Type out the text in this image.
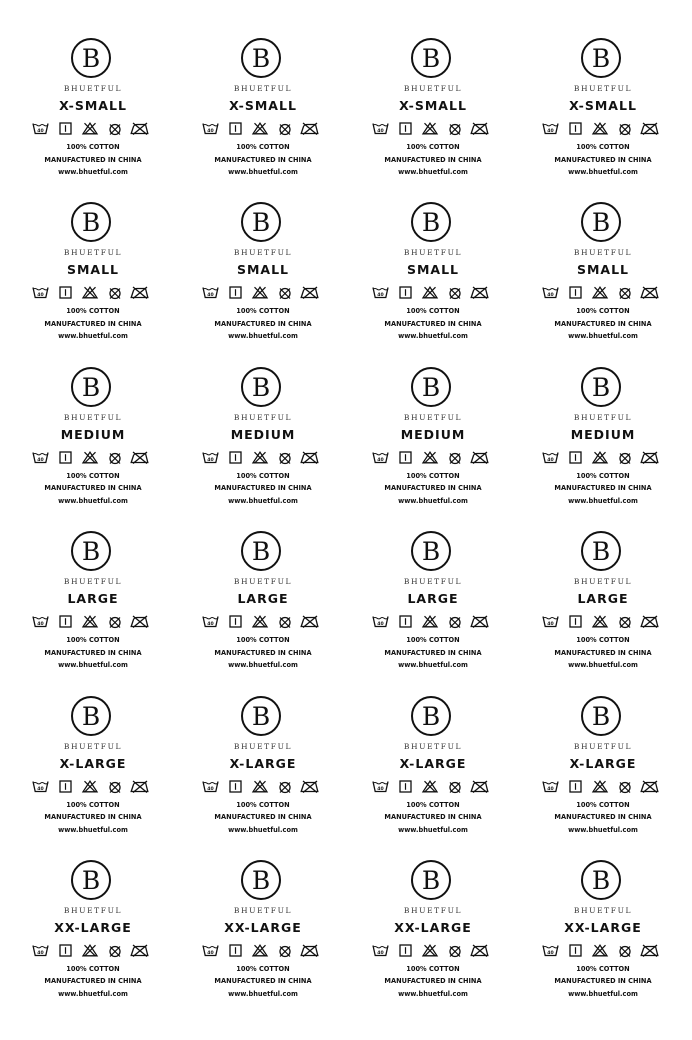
B
BHUETFUL
X-SMALL
40
100% COTTON
MANUFACTURED IN CHINA
www.bhuetful.com
B
BHUETFUL
X-SMALL
40
100% COTTON
MANUFACTURED IN CHINA
www.bhuetful.com
B
BHUETFUL
X-SMALL
40
100% COTTON
MANUFACTURED IN CHINA
www.bhuetful.com
B
BHUETFUL
X-SMALL
40
100% COTTON
MANUFACTURED IN CHINA
www.bhuetful.com
B
BHUETFUL
SMALL
40
100% COTTON
MANUFACTURED IN CHINA
www.bhuetful.com
B
BHUETFUL
SMALL
40
100% COTTON
MANUFACTURED IN CHINA
www.bhuetful.com
B
BHUETFUL
SMALL
40
100% COTTON
MANUFACTURED IN CHINA
www.bhuetful.com
B
BHUETFUL
SMALL
40
100% COTTON
MANUFACTURED IN CHINA
www.bhuetful.com
B
BHUETFUL
MEDIUM
40
100% COTTON
MANUFACTURED IN CHINA
www.bhuetful.com
B
BHUETFUL
MEDIUM
40
100% COTTON
MANUFACTURED IN CHINA
www.bhuetful.com
B
BHUETFUL
MEDIUM
40
100% COTTON
MANUFACTURED IN CHINA
www.bhuetful.com
B
BHUETFUL
MEDIUM
40
100% COTTON
MANUFACTURED IN CHINA
www.bhuetful.com
B
BHUETFUL
LARGE
40
100% COTTON
MANUFACTURED IN CHINA
www.bhuetful.com
B
BHUETFUL
LARGE
40
100% COTTON
MANUFACTURED IN CHINA
www.bhuetful.com
B
BHUETFUL
LARGE
40
100% COTTON
MANUFACTURED IN CHINA
www.bhuetful.com
B
BHUETFUL
LARGE
40
100% COTTON
MANUFACTURED IN CHINA
www.bhuetful.com
B
BHUETFUL
X-LARGE
40
100% COTTON
MANUFACTURED IN CHINA
www.bhuetful.com
B
BHUETFUL
X-LARGE
40
100% COTTON
MANUFACTURED IN CHINA
www.bhuetful.com
B
BHUETFUL
X-LARGE
40
100% COTTON
MANUFACTURED IN CHINA
www.bhuetful.com
B
BHUETFUL
X-LARGE
40
100% COTTON
MANUFACTURED IN CHINA
www.bhuetful.com
B
BHUETFUL
XX-LARGE
40
100% COTTON
MANUFACTURED IN CHINA
www.bhuetful.com
B
BHUETFUL
XX-LARGE
40
100% COTTON
MANUFACTURED IN CHINA
www.bhuetful.com
B
BHUETFUL
XX-LARGE
40
100% COTTON
MANUFACTURED IN CHINA
www.bhuetful.com
B
BHUETFUL
XX-LARGE
40
100% COTTON
MANUFACTURED IN CHINA
www.bhuetful.com
